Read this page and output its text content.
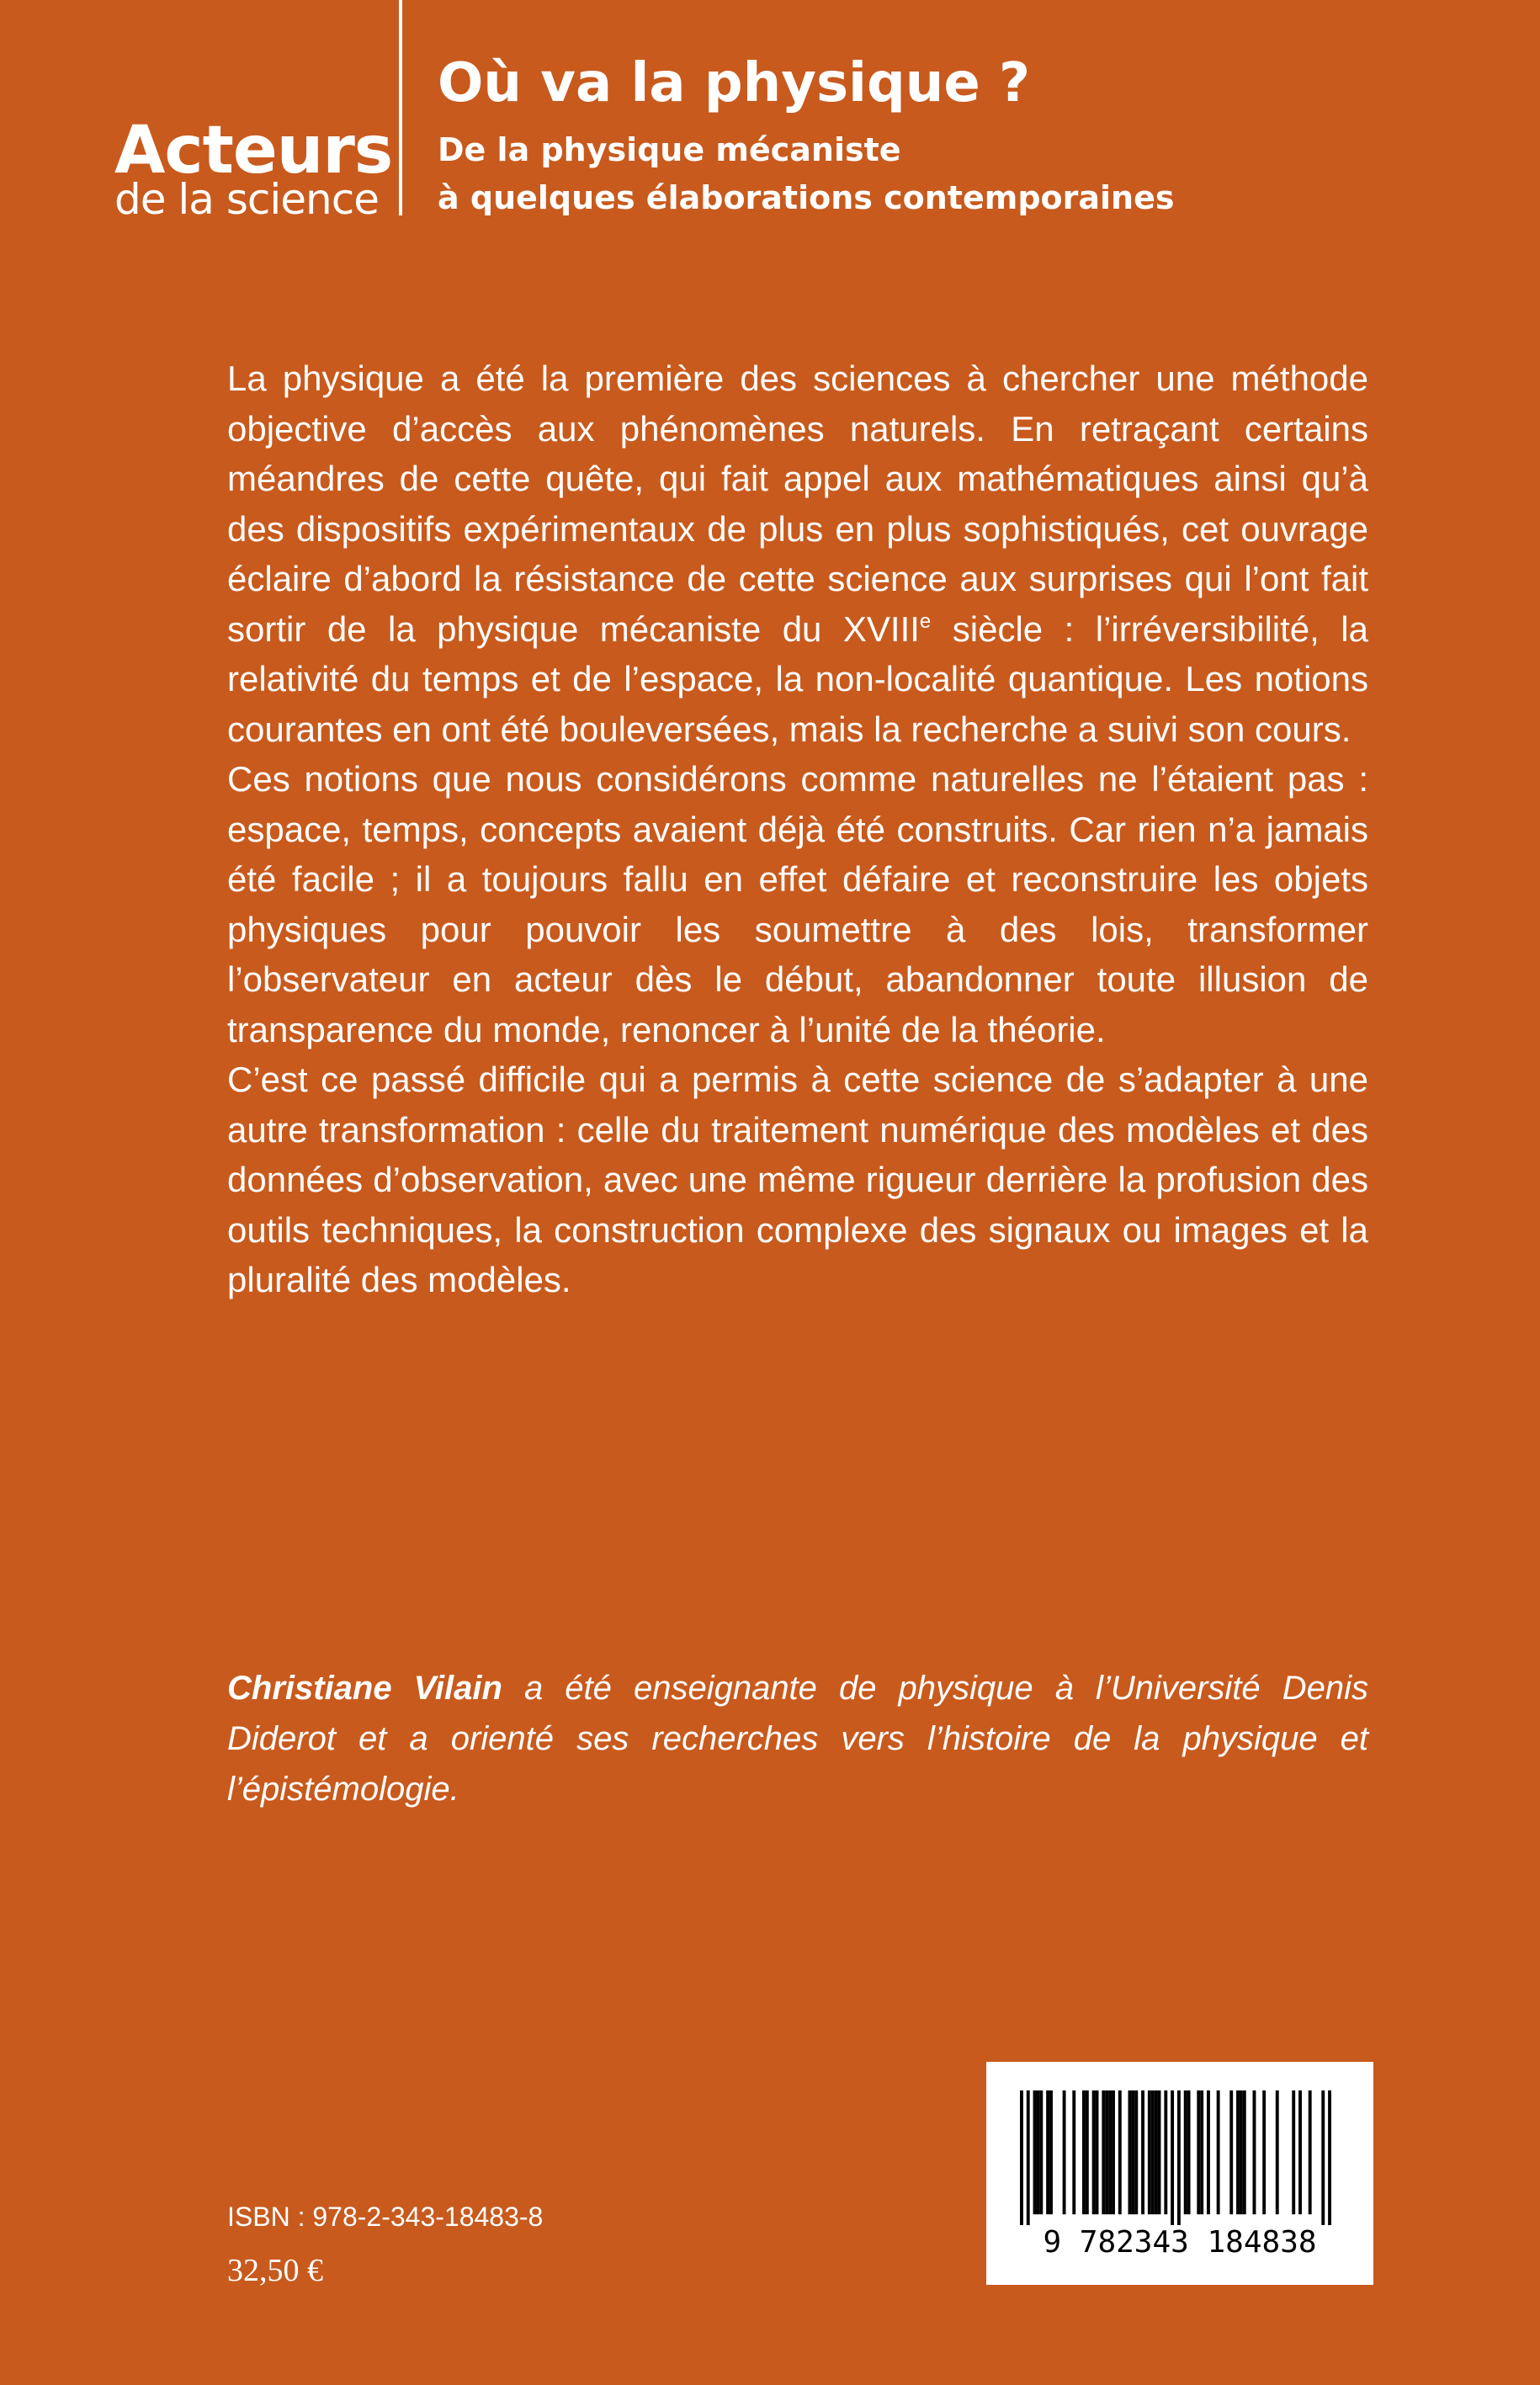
Acteurs
de la science
Où va la physique ?
De la physique mécaniste
à quelques élaborations contemporaines

La physique a été la première des sciences à chercher une méthode objective d’accès aux phénomènes naturels. En retraçant certains méandres de cette quête, qui fait appel aux mathématiques ainsi qu’à des dispositifs expérimentaux de plus en plus sophistiqués, cet ouvrage éclaire d’abord la résistance de cette science aux surprises qui l’ont fait sortir de la physique mécaniste du XVIIIe siècle : l’irréversibilité, la relativité du temps et de l’espace, la non-localité quantique. Les notions courantes en ont été bouleversées, mais la recherche a suivi son cours.

Ces notions que nous considérons comme naturelles ne l’étaient pas : espace, temps, concepts avaient déjà été construits. Car rien n’a jamais été facile ; il a toujours fallu en effet défaire et reconstruire les objets physiques pour pouvoir les soumettre à des lois, transformer l’observateur en acteur dès le début, abandonner toute illusion de transparence du monde, renoncer à l’unité de la théorie.

C’est ce passé difficile qui a permis à cette science de s’adapter à une autre transformation : celle du traitement numérique des modèles et des données d’observation, avec une même rigueur derrière la profusion des outils techniques, la construction complexe des signaux ou images et la pluralité des modèles.

Christiane Vilain a été enseignante de physique à l’Université Denis Diderot et a orienté ses recherches vers l’histoire de la physique et l’épistémologie.
ISBN : 978-2-343-18483-8
32,50 €
9 782343 184838
